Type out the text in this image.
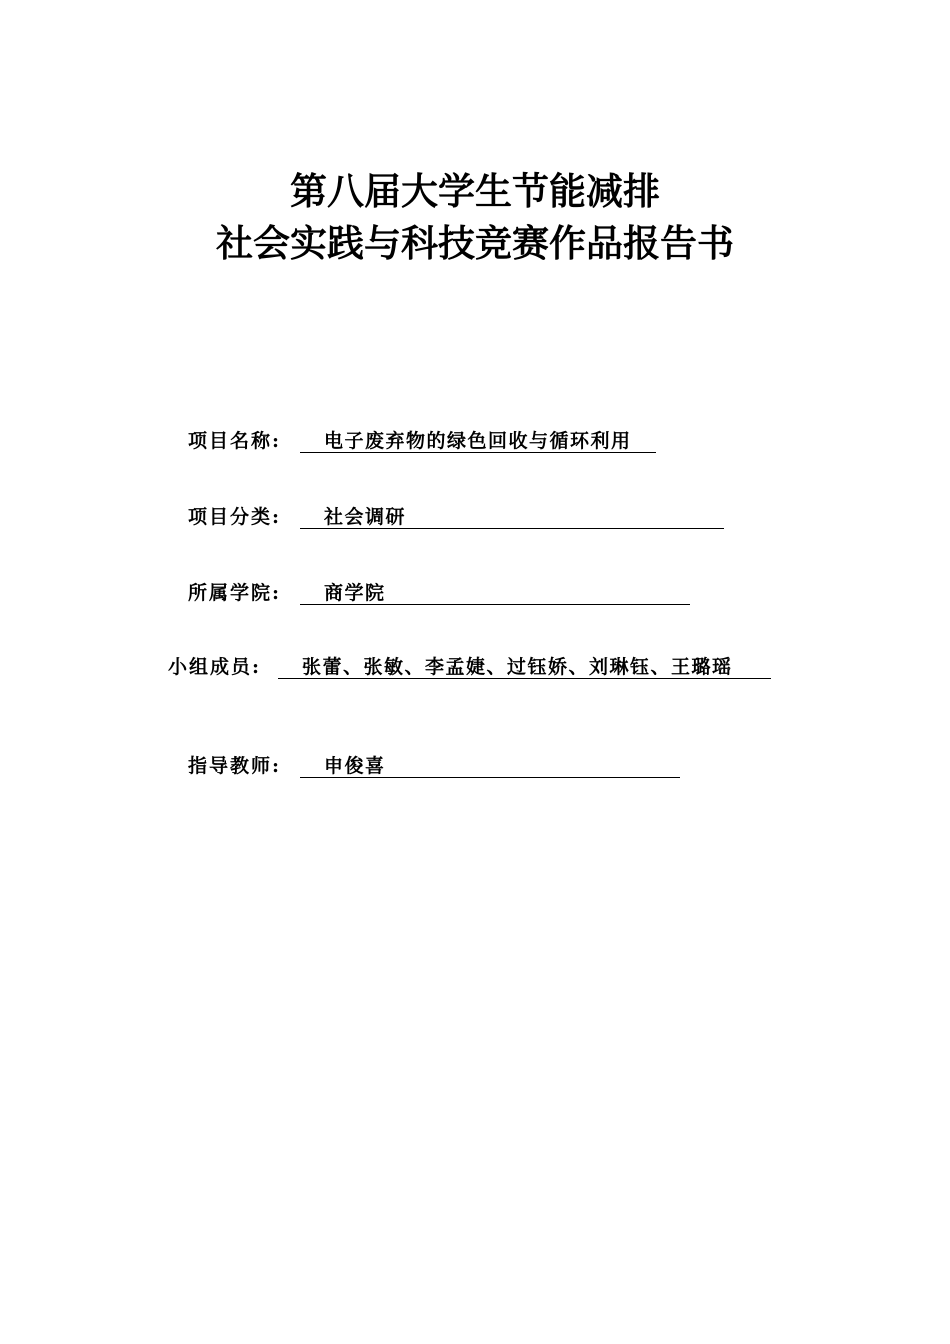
第八届大学生节能减排
社会实践与科技竞赛作品报告书
项目名称:	电子废弃物的绿色回收与循环利用
项目分类:	社会调研
所属学院:	商学院
小组成员:	张蕾、张敏、李孟婕、过钰娇、刘琳钰、王璐瑶
指导教师:	申俊喜
